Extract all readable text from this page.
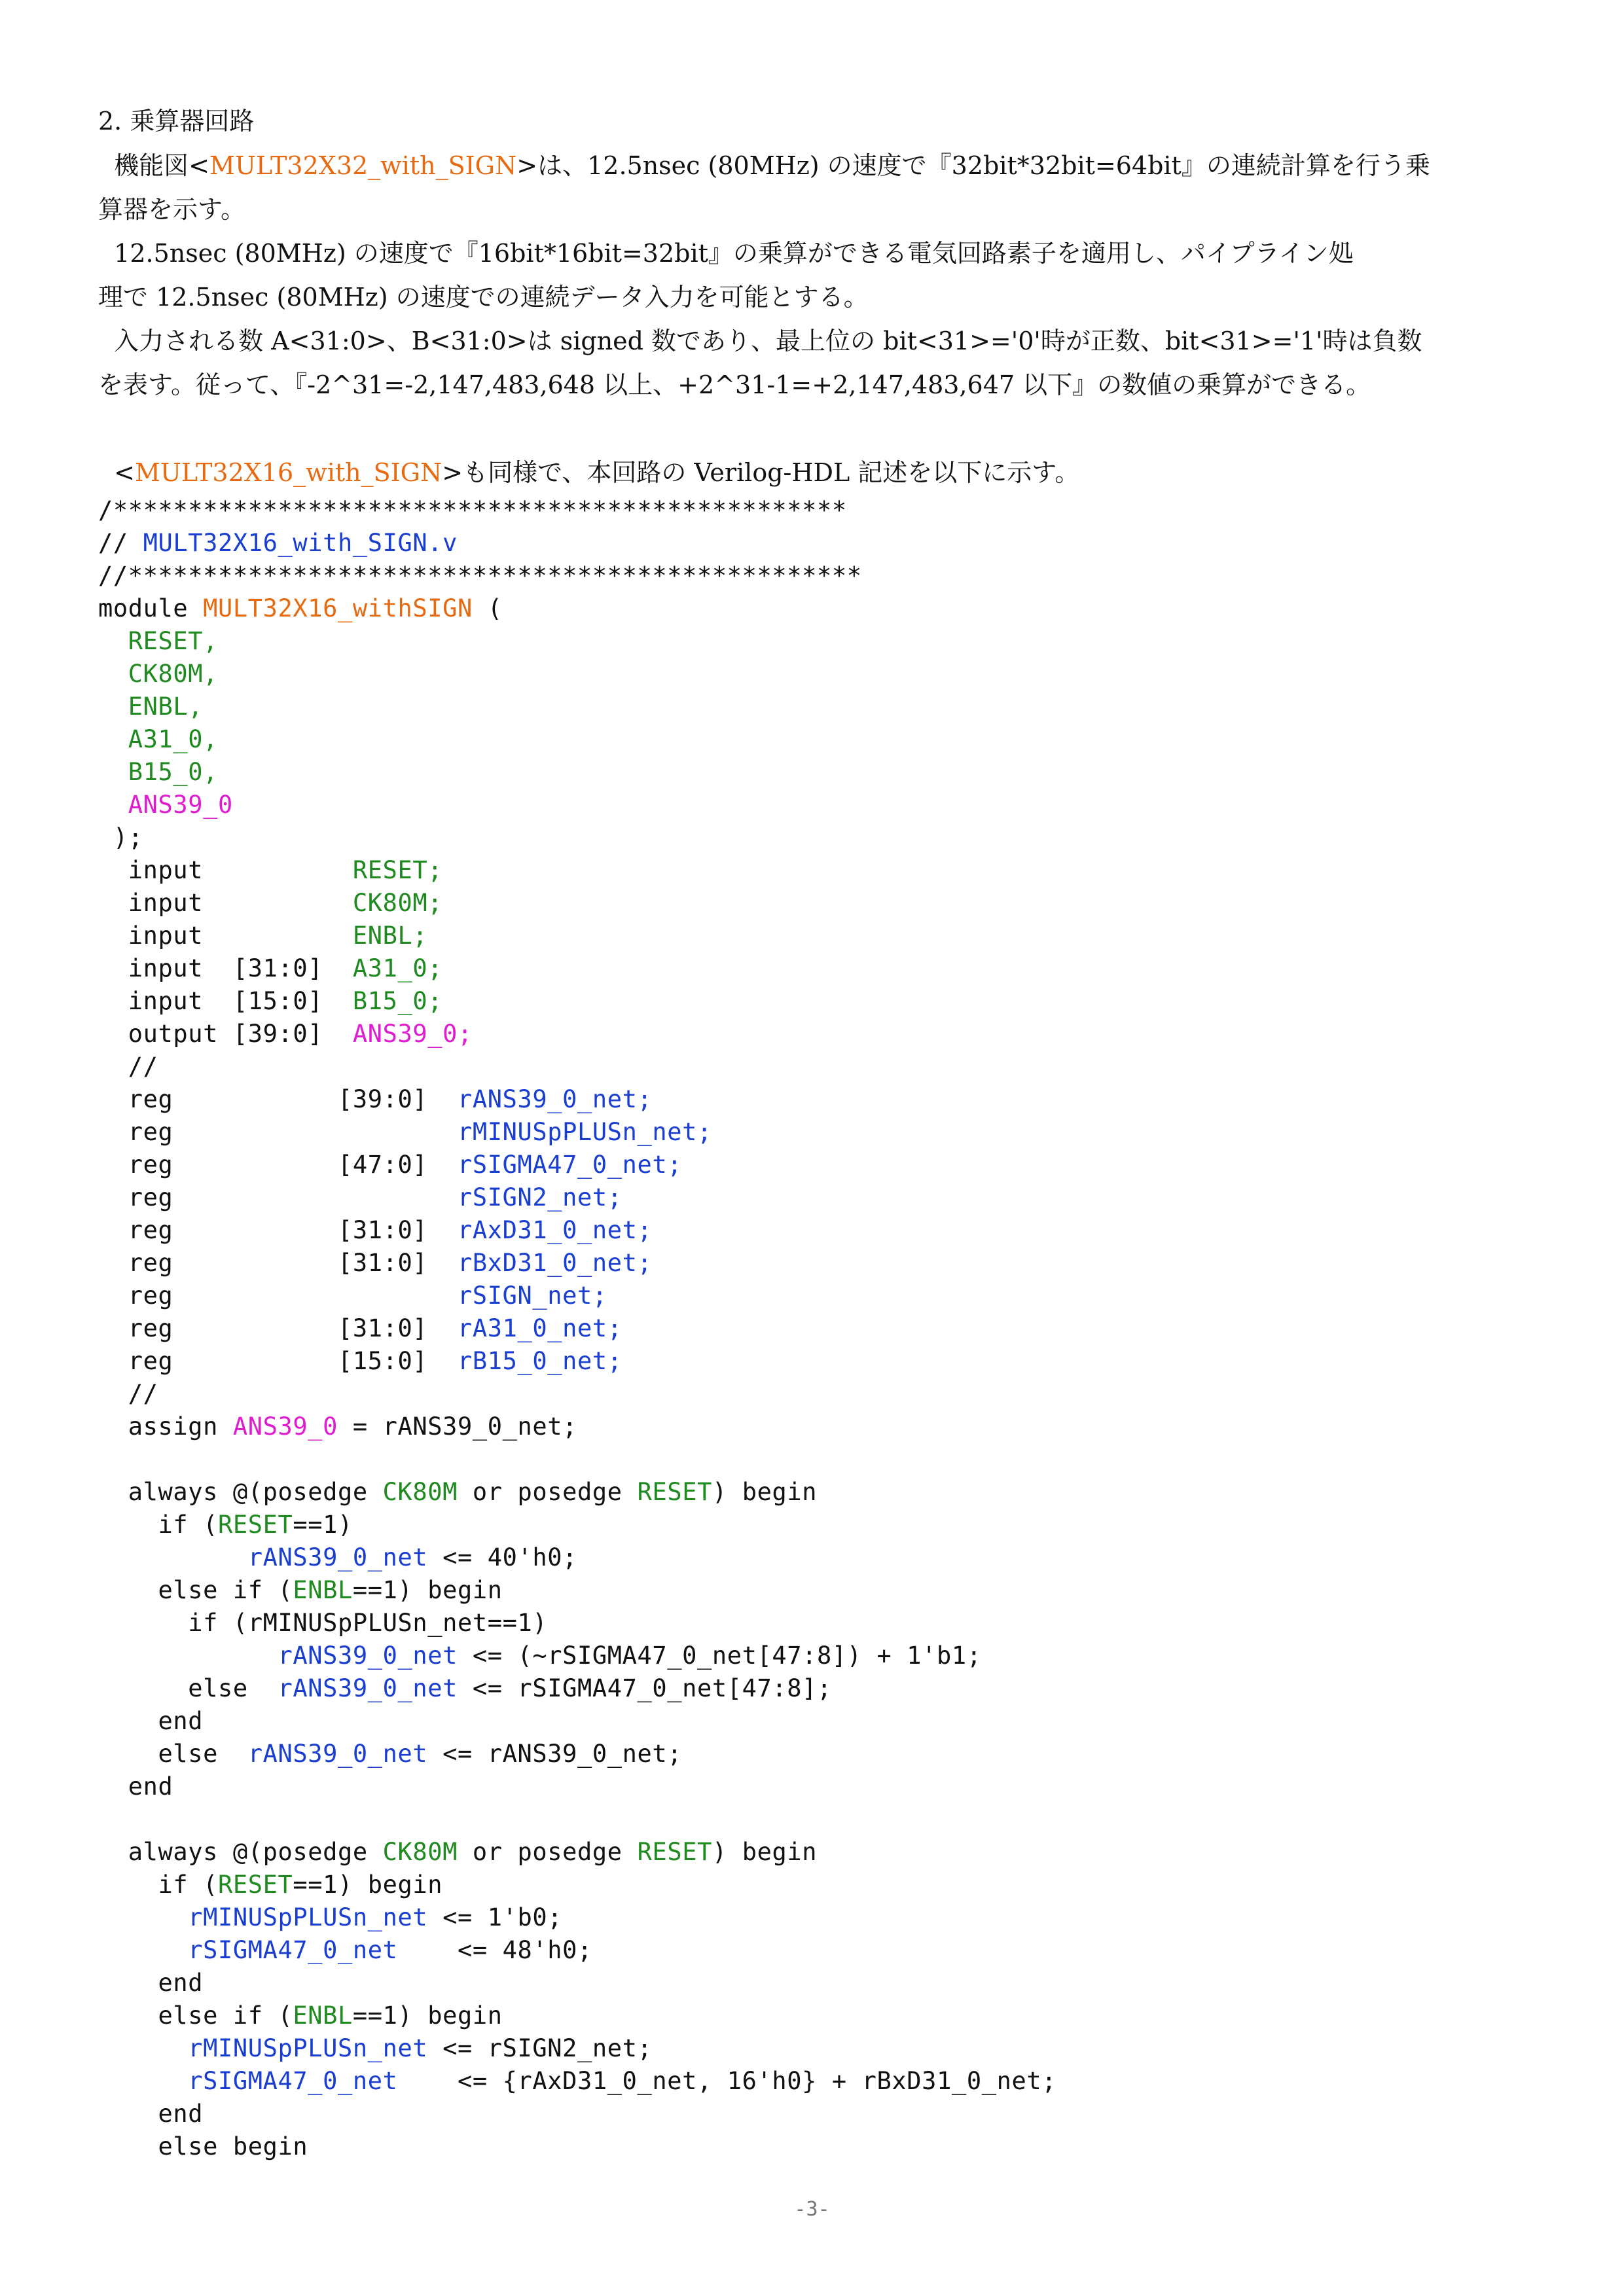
2. 乗算器回路
機能図<MULT32X32_with_SIGN>は、12.5nsec (80MHz) の速度で『32bit*32bit=64bit』の連続計算を行う乗
算器を示す。
12.5nsec (80MHz) の速度で『16bit*16bit=32bit』の乗算ができる電気回路素子を適用し、パイプライン処
理で 12.5nsec (80MHz) の速度での連続データ入力を可能とする。
入力される数 A<31:0>、B<31:0>は signed 数であり、最上位の bit<31>='0'時が正数、bit<31>='1'時は負数
を表す。従って、『-2^31=-2,147,483,648 以上、+2^31-1=+2,147,483,647 以下』の数値の乗算ができる。
<MULT32X16_with_SIGN>も同様で、本回路の Verilog-HDL 記述を以下に示す。
/*************************************************
// MULT32X16_with_SIGN.v
//*************************************************
module MULT32X16_withSIGN (
RESET,
CK80M,
ENBL,
A31_0,
B15_0,
ANS39_0
);
input          RESET;
input          CK80M;
input          ENBL;
input  [31:0]  A31_0;
input  [15:0]  B15_0;
output [39:0]  ANS39_0;
//
reg           [39:0]  rANS39_0_net;
reg                   rMINUSpPLUSn_net;
reg           [47:0]  rSIGMA47_0_net;
reg                   rSIGN2_net;
reg           [31:0]  rAxD31_0_net;
reg           [31:0]  rBxD31_0_net;
reg                   rSIGN_net;
reg           [31:0]  rA31_0_net;
reg           [15:0]  rB15_0_net;
//
assign ANS39_0 = rANS39_0_net;
always @(posedge CK80M or posedge RESET) begin
if (RESET==1)
rANS39_0_net <= 40'h0;
else if (ENBL==1) begin
if (rMINUSpPLUSn_net==1)
rANS39_0_net <= (~rSIGMA47_0_net[47:8]) + 1'b1;
else  rANS39_0_net <= rSIGMA47_0_net[47:8];
end
else  rANS39_0_net <= rANS39_0_net;
end
always @(posedge CK80M or posedge RESET) begin
if (RESET==1) begin
rMINUSpPLUSn_net <= 1'b0;
rSIGMA47_0_net    <= 48'h0;
end
else if (ENBL==1) begin
rMINUSpPLUSn_net <= rSIGN2_net;
rSIGMA47_0_net    <= {rAxD31_0_net, 16'h0} + rBxD31_0_net;
end
else begin
-3-
